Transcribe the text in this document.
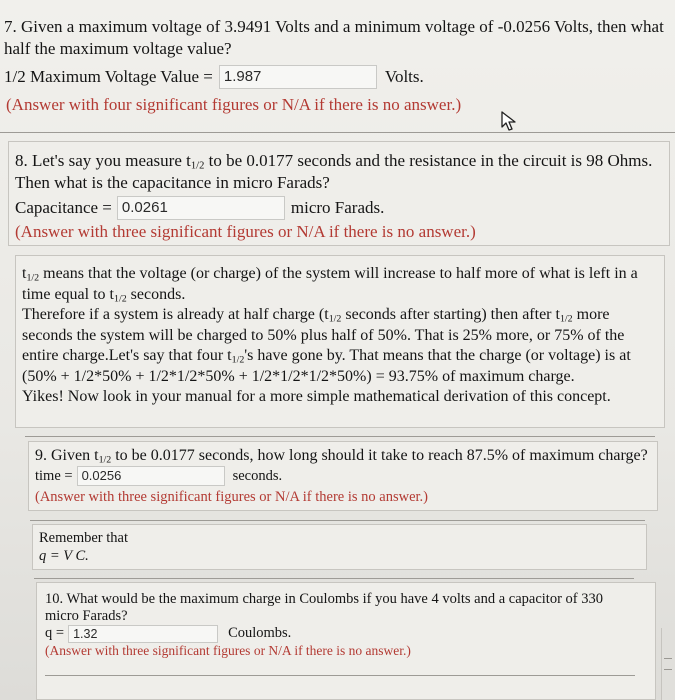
7. Given a maximum voltage of 3.9491 Volts and a minimum voltage of -0.0256 Volts, then what

half the maximum voltage value?

1/2 Maximum Voltage Value = 1.987	Volts.

(Answer with four significant figures or N/A if there is no answer.)

8. Let's say you measure $t_{1/2}$ to be 0.0177 seconds and the resistance in the circuit is 98 Ohms.

Then what is the capacitance in micro Farads?

Capacitance = 0.0261	micro Farads.

(Answer with three significant figures or N/A if there is no answer.)

$t_{1/2}$ means that the voltage (or charge) of the system will increase to half more of what is left in a
time equal to $t_{1/2}$ seconds.
Therefore if a system is already at half charge ($t_{1/2}$ seconds after starting) then after $t_{1/2}$ more
seconds the system will be charged to 50% plus half of 50%. That is 25% more, or 75% of the
entire charge.Let's say that four $t_{1/2}'s$ have gone by. That means that the charge (or voltage) is at
(50% + 1/2*50% + 1/2*1/2*50% + 1/2*1/2*1/2*50%) = 93.75% of maximum charge.
Yikes! Now look in your manual for a more simple mathematical derivation of this concept.
9. Given $t_{1/2}$ to be 0.0177 seconds, how long should it take to reach 87.5% of maximum charge?
time = 0.0256	seconds.
(Answer with three significant figures or N/A if there is no answer.)
Remember that
q = V C.
10. What would be the maximum charge in Coulombs if you have 4 volts and a capacitor of 330
micro Farads?
q = 1.32	Coulombs.
(Answer with three significant figures or N/A if there is no answer.)
